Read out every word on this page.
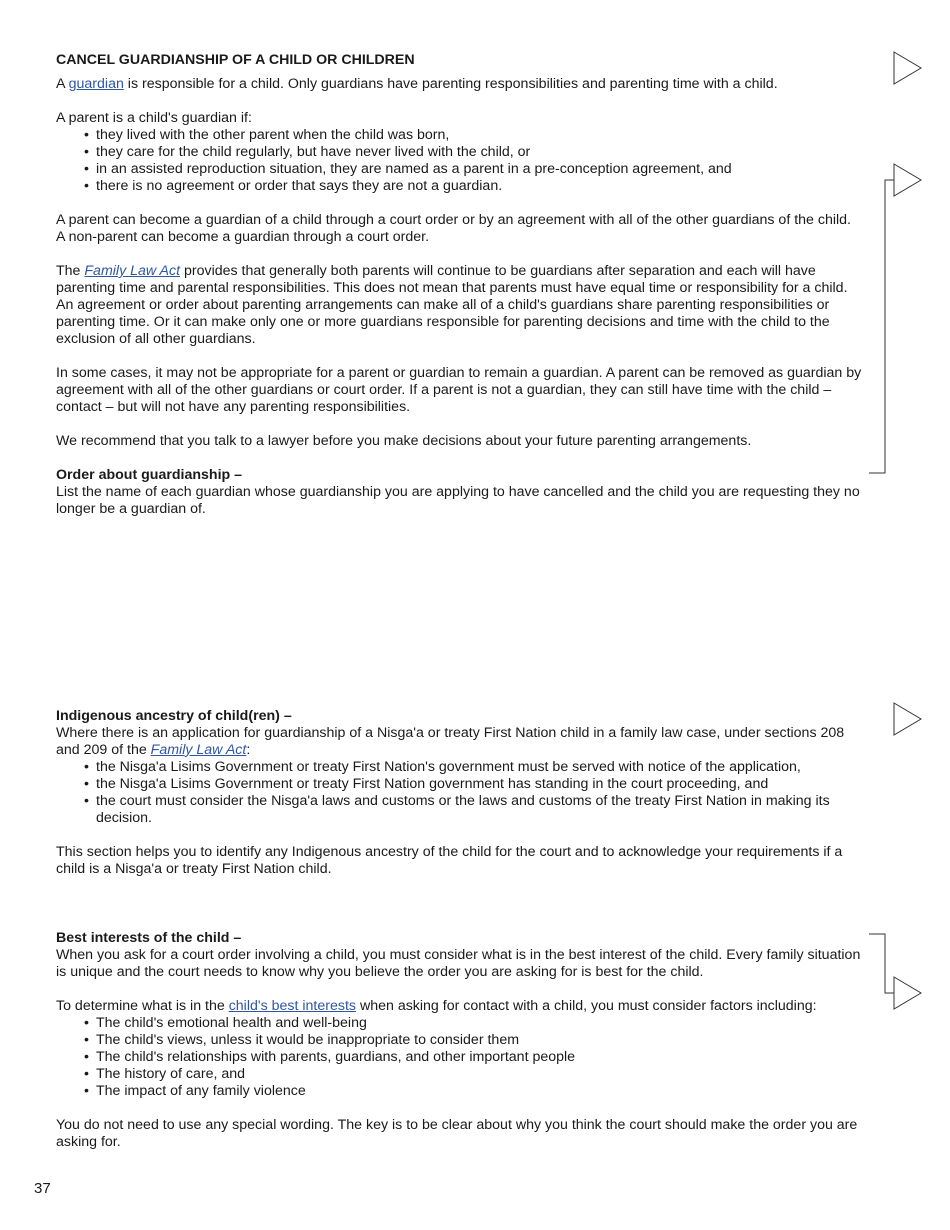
CANCEL GUARDIANSHIP OF A CHILD OR CHILDREN

A guardian is responsible for a child. Only guardians have parenting responsibilities and parenting time with a child.

A parent is a child's guardian if:

• they lived with the other parent when the child was born,
• they care for the child regularly, but have never lived with the child, or
• in an assisted reproduction situation, they are named as a parent in a pre-conception agreement, and
• there is no agreement or order that says they are not a guardian.

A parent can become a guardian of a child through a court order or by an agreement with all of the other guardians of the child. A non-parent can become a guardian through a court order.

The Family Law Act provides that generally both parents will continue to be guardians after separation and each will have parenting time and parental responsibilities. This does not mean that parents must have equal time or responsibility for a child. An agreement or order about parenting arrangements can make all of a child's guardians share parenting responsibilities or parenting time. Or it can make only one or more guardians responsible for parenting decisions and time with the child to the exclusion of all other guardians.

In some cases, it may not be appropriate for a parent or guardian to remain a guardian. A parent can be removed as guardian by agreement with all of the other guardians or court order. If a parent is not a guardian, they can still have time with the child – contact – but will not have any parenting responsibilities.

We recommend that you talk to a lawyer before you make decisions about your future parenting arrangements.

Order about guardianship –

List the name of each guardian whose guardianship you are applying to have cancelled and the child you are requesting they no longer be a guardian of.

Indigenous ancestry of child(ren) –

Where there is an application for guardianship of a Nisga'a or treaty First Nation child in a family law case, under sections 208 and 209 of the Family Law Act:

• the Nisga'a Lisims Government or treaty First Nation's government must be served with notice of the application,
• the Nisga'a Lisims Government or treaty First Nation government has standing in the court proceeding, and
• the court must consider the Nisga'a laws and customs or the laws and customs of the treaty First Nation in making its decision.

This section helps you to identify any Indigenous ancestry of the child for the court and to acknowledge your requirements if a child is a Nisga'a or treaty First Nation child.

Best interests of the child –

When you ask for a court order involving a child, you must consider what is in the best interest of the child. Every family situation is unique and the court needs to know why you believe the order you are asking for is best for the child.

To determine what is in the child's best interests when asking for contact with a child, you must consider factors including:

• The child's emotional health and well-being
• The child's views, unless it would be inappropriate to consider them
• The child's relationships with parents, guardians, and other important people
• The history of care, and
• The impact of any family violence

You do not need to use any special wording. The key is to be clear about why you think the court should make the order you are asking for.

37
